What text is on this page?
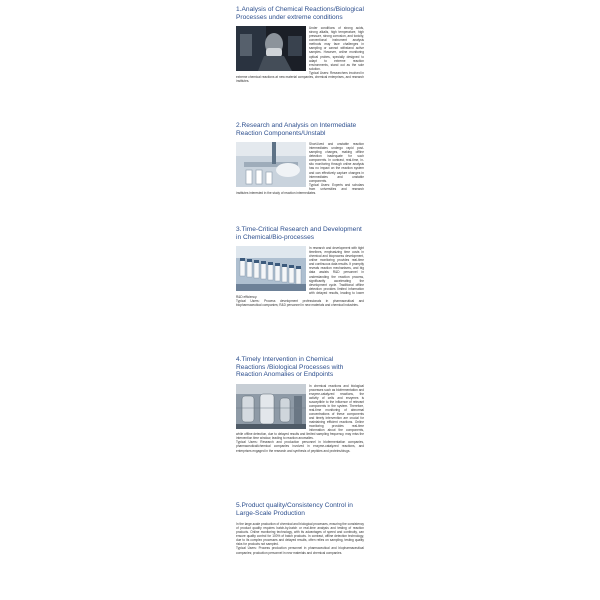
1.Analysis of Chemical Reactions/Biological Processes under extreme conditions
Under conditions of strong acids, strong alkalis, high temperature, high pressure, strong corrosion, and toxicity, conventional instrument analysis methods may face challenges in sampling or cannot withstand active samples. However, online monitoring optical probes, specially designed to adapt to extreme reaction environments, stand out as the sole solution.
Typical Users: Researchers involved in extreme chemical reactions at new material companies, chemical enterprises, and research institutes.
2.Research and Analysis on Intermediate Reaction Components/Unstabl
Short-lived and unstable reaction intermediates undergo rapid post-sampling changes, making offline detection inadequate for such components. In contrast, real-time, in-situ monitoring through online analysis has no impact on the reaction system and can effectively capture changes in intermediates and unstable components.
Typical Users: Experts and scholars from universities and research institutes interested in the study of reaction intermediates.
3.Time-Critical Research and Development in Chemical/Bio-processes
In research and development with tight timelines, emphasizing time costs in chemical and bioprocess development, online monitoring provides real-time and continuous data results. It promptly reveals reaction mechanisms, and big data assists R&D personnel in understanding the reaction process, significantly accelerating the development cycle. Traditional offline detection provides limited information with delayed results, leading to lower R&D efficiency.
Typical Users: Process development professionals in pharmaceutical and biopharmaceutical companies; R&D personnel in new materials and chemical industries.
4.Timely Intervention in Chemical Reactions /Biological Processes with Reaction Anomalies or Endpoints
In chemical reactions and biological processes such as biofermentation and enzyme-catalyzed reactions, the activity of cells and enzymes is susceptible to the influence of relevant components in the system. Therefore, real-time monitoring of abnormal concentrations of these components and timely intervention are crucial for maintaining efficient reactions. Online monitoring provides real-time information about the components, while offline detection, due to delayed results and limited sampling frequency, may miss the intervention time window, leading to reaction anomalies.
Typical Users: Research and production personnel in biofermentation companies, pharmaceutical/chemical companies involved in enzyme-catalyzed reactions, and enterprises engaged in the research and synthesis of peptides and proteins/drugs.
5.Product quality/Consistency Control in Large-Scale Production
In the large-scale production of chemical and biological processes, ensuring the consistency of product quality requires batch-by-batch or real-time analysis and testing of reaction products. Online monitoring technology, with its advantages of speed and continuity, can ensure quality control for 100% of batch products. In contrast, offline detection technology, due to its complex processes and delayed results, often relies on sampling, testing quality risks for products not sampled.
Typical Users: Process production personnel in pharmaceutical and biopharmaceutical companies; production personnel in new materials and chemical companies.
